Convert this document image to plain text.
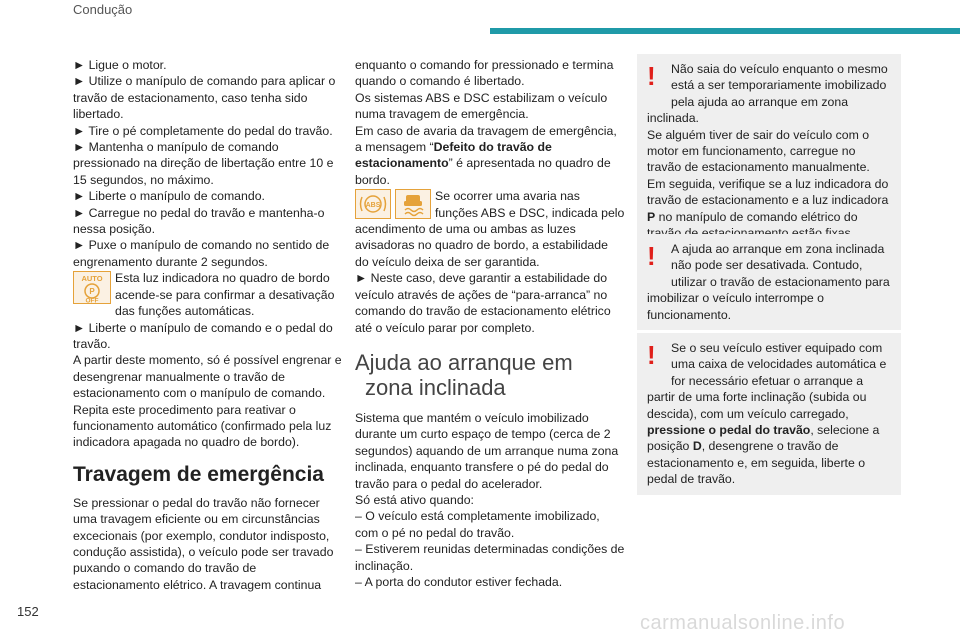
Condução

► Ligue o motor.

► Utilize o manípulo de comando para aplicar o travão de estacionamento, caso tenha sido libertado.

► Tire o pé completamente do pedal do travão.

► Mantenha o manípulo de comando pressionado na direção de libertação entre 10 e 15 segundos, no máximo.

► Liberte o manípulo de comando.

► Carregue no pedal do travão e mantenha-o nessa posição.

► Puxe o manípulo de comando no sentido de engrenamento durante 2 segundos.

AUTO
P
OFF
Esta luz indicadora no quadro de bordo acende-se para confirmar a desativação das funções automáticas.

► Liberte o manípulo de comando e o pedal do travão.

A partir deste momento, só é possível engrenar e desengrenar manualmente o travão de estacionamento com o manípulo de comando.

Repita este procedimento para reativar o funcionamento automático (confirmado pela luz indicadora apagada no quadro de bordo).

Travagem de emergência

Se pressionar o pedal do travão não fornecer uma travagem eficiente ou em circunstâncias excecionais (por exemplo, condutor indisposto, condução assistida), o veículo pode ser travado puxando o comando do travão de estacionamento elétrico. A travagem continua

enquanto o comando for pressionado e termina quando o comando é libertado.

Os sistemas ABS e DSC estabilizam o veículo numa travagem de emergência.

Em caso de avaria da travagem de emergência, a mensagem “Defeito do travão de estacionamento” é apresentada no quadro de bordo.

ABS
Se ocorrer uma avaria nas funções ABS e DSC, indicada pelo acendimento de uma ou ambas as luzes avisadoras no quadro de bordo, a estabilidade do veículo deixa de ser garantida.

► Neste caso, deve garantir a estabilidade do veículo através de ações de “para-arranca” no comando do travão de estacionamento elétrico até o veículo parar por completo.

Ajuda ao arranque em
zona inclinada

Sistema que mantém o veículo imobilizado durante um curto espaço de tempo (cerca de 2 segundos) aquando de um arranque numa zona inclinada, enquanto transfere o pé do pedal do travão para o pedal do acelerador.

Só está ativo quando:

– O veículo está completamente imobilizado, com o pé no pedal do travão.

– Estiverem reunidas determinadas condições de inclinação.

– A porta do condutor estiver fechada.

!	Não saia do veículo enquanto o mesmo está a ser temporariamente imobilizado pela ajuda ao arranque em zona inclinada.

Se alguém tiver de sair do veículo com o motor em funcionamento, carregue no travão de estacionamento manualmente.

Em seguida, verifique se a luz indicadora do travão de estacionamento e a luz indicadora P no manípulo de comando elétrico do

!	A ajuda ao arranque em zona inclinada não pode ser desativada. Contudo, utilizar o travão de estacionamento para imobilizar o veículo interrompe o funcionamento.

!	Se o seu veículo estiver equipado com uma caixa de velocidades automática e for necessário efetuar o arranque a partir de uma forte inclinação (subida ou descida), com um veículo carregado, pressione o pedal do travão, selecione a posição D, desengrene o travão de estacionamento e, em seguida, liberte o pedal de travão.

152
carmanualsonline.info
